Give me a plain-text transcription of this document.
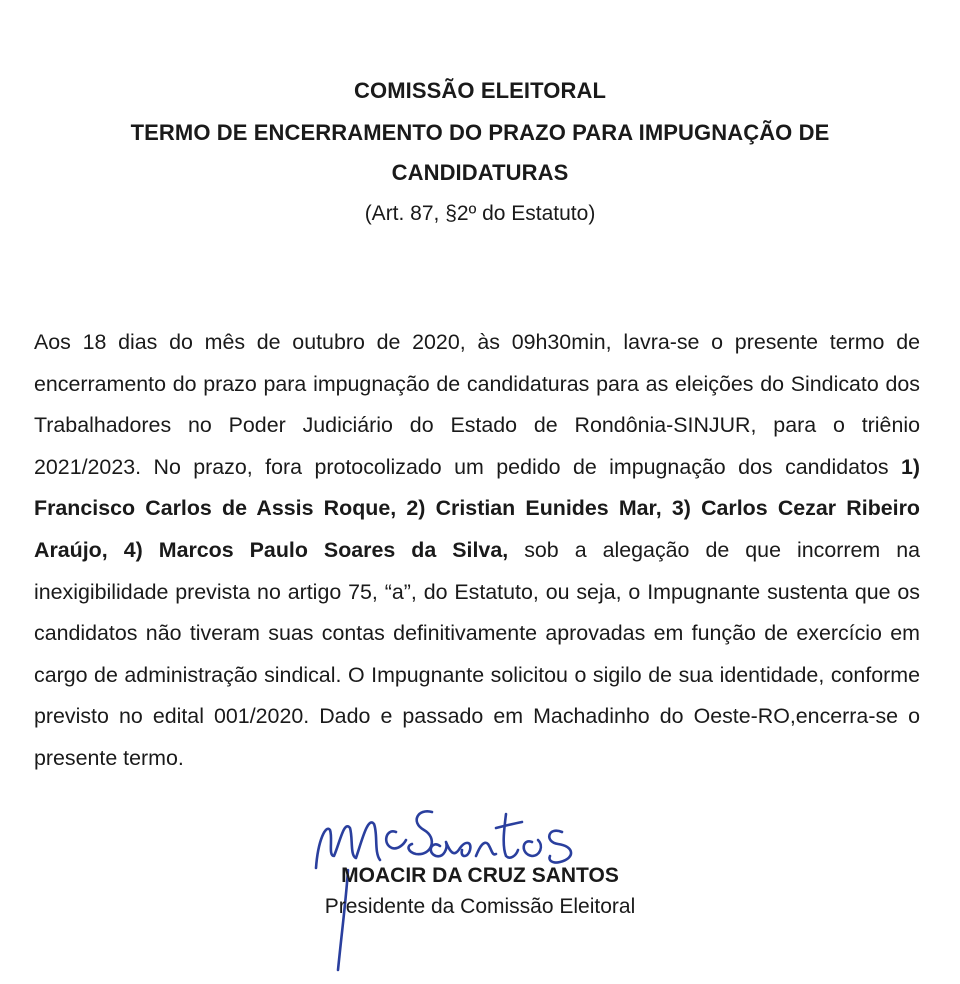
COMISSÃO ELEITORAL
TERMO DE ENCERRAMENTO DO PRAZO PARA IMPUGNAÇÃO DE
CANDIDATURAS
(Art. 87, §2º do Estatuto)
Aos 18 dias do mês de outubro de 2020, às 09h30min, lavra-se o presente termo de encerramento do prazo para impugnação de candidaturas para as eleições do Sindicato dos Trabalhadores no Poder Judiciário do Estado de Rondônia-SINJUR, para o triênio 2021/2023. No prazo, fora protocolizado um pedido de impugnação dos candidatos 1) Francisco Carlos de Assis Roque, 2) Cristian Eunides Mar, 3) Carlos Cezar Ribeiro Araújo, 4) Marcos Paulo Soares da Silva, sob a alegação de que incorrem na inexigibilidade prevista no artigo 75, “a”, do Estatuto, ou seja, o Impugnante sustenta que os candidatos não tiveram suas contas definitivamente aprovadas em função de exercício em cargo de administração sindical. O Impugnante solicitou o sigilo de sua identidade, conforme previsto no edital 001/2020. Dado e passado em Machadinho do Oeste-RO,encerra-se o presente termo.
MOACIR DA CRUZ SANTOS
Presidente da Comissão Eleitoral
